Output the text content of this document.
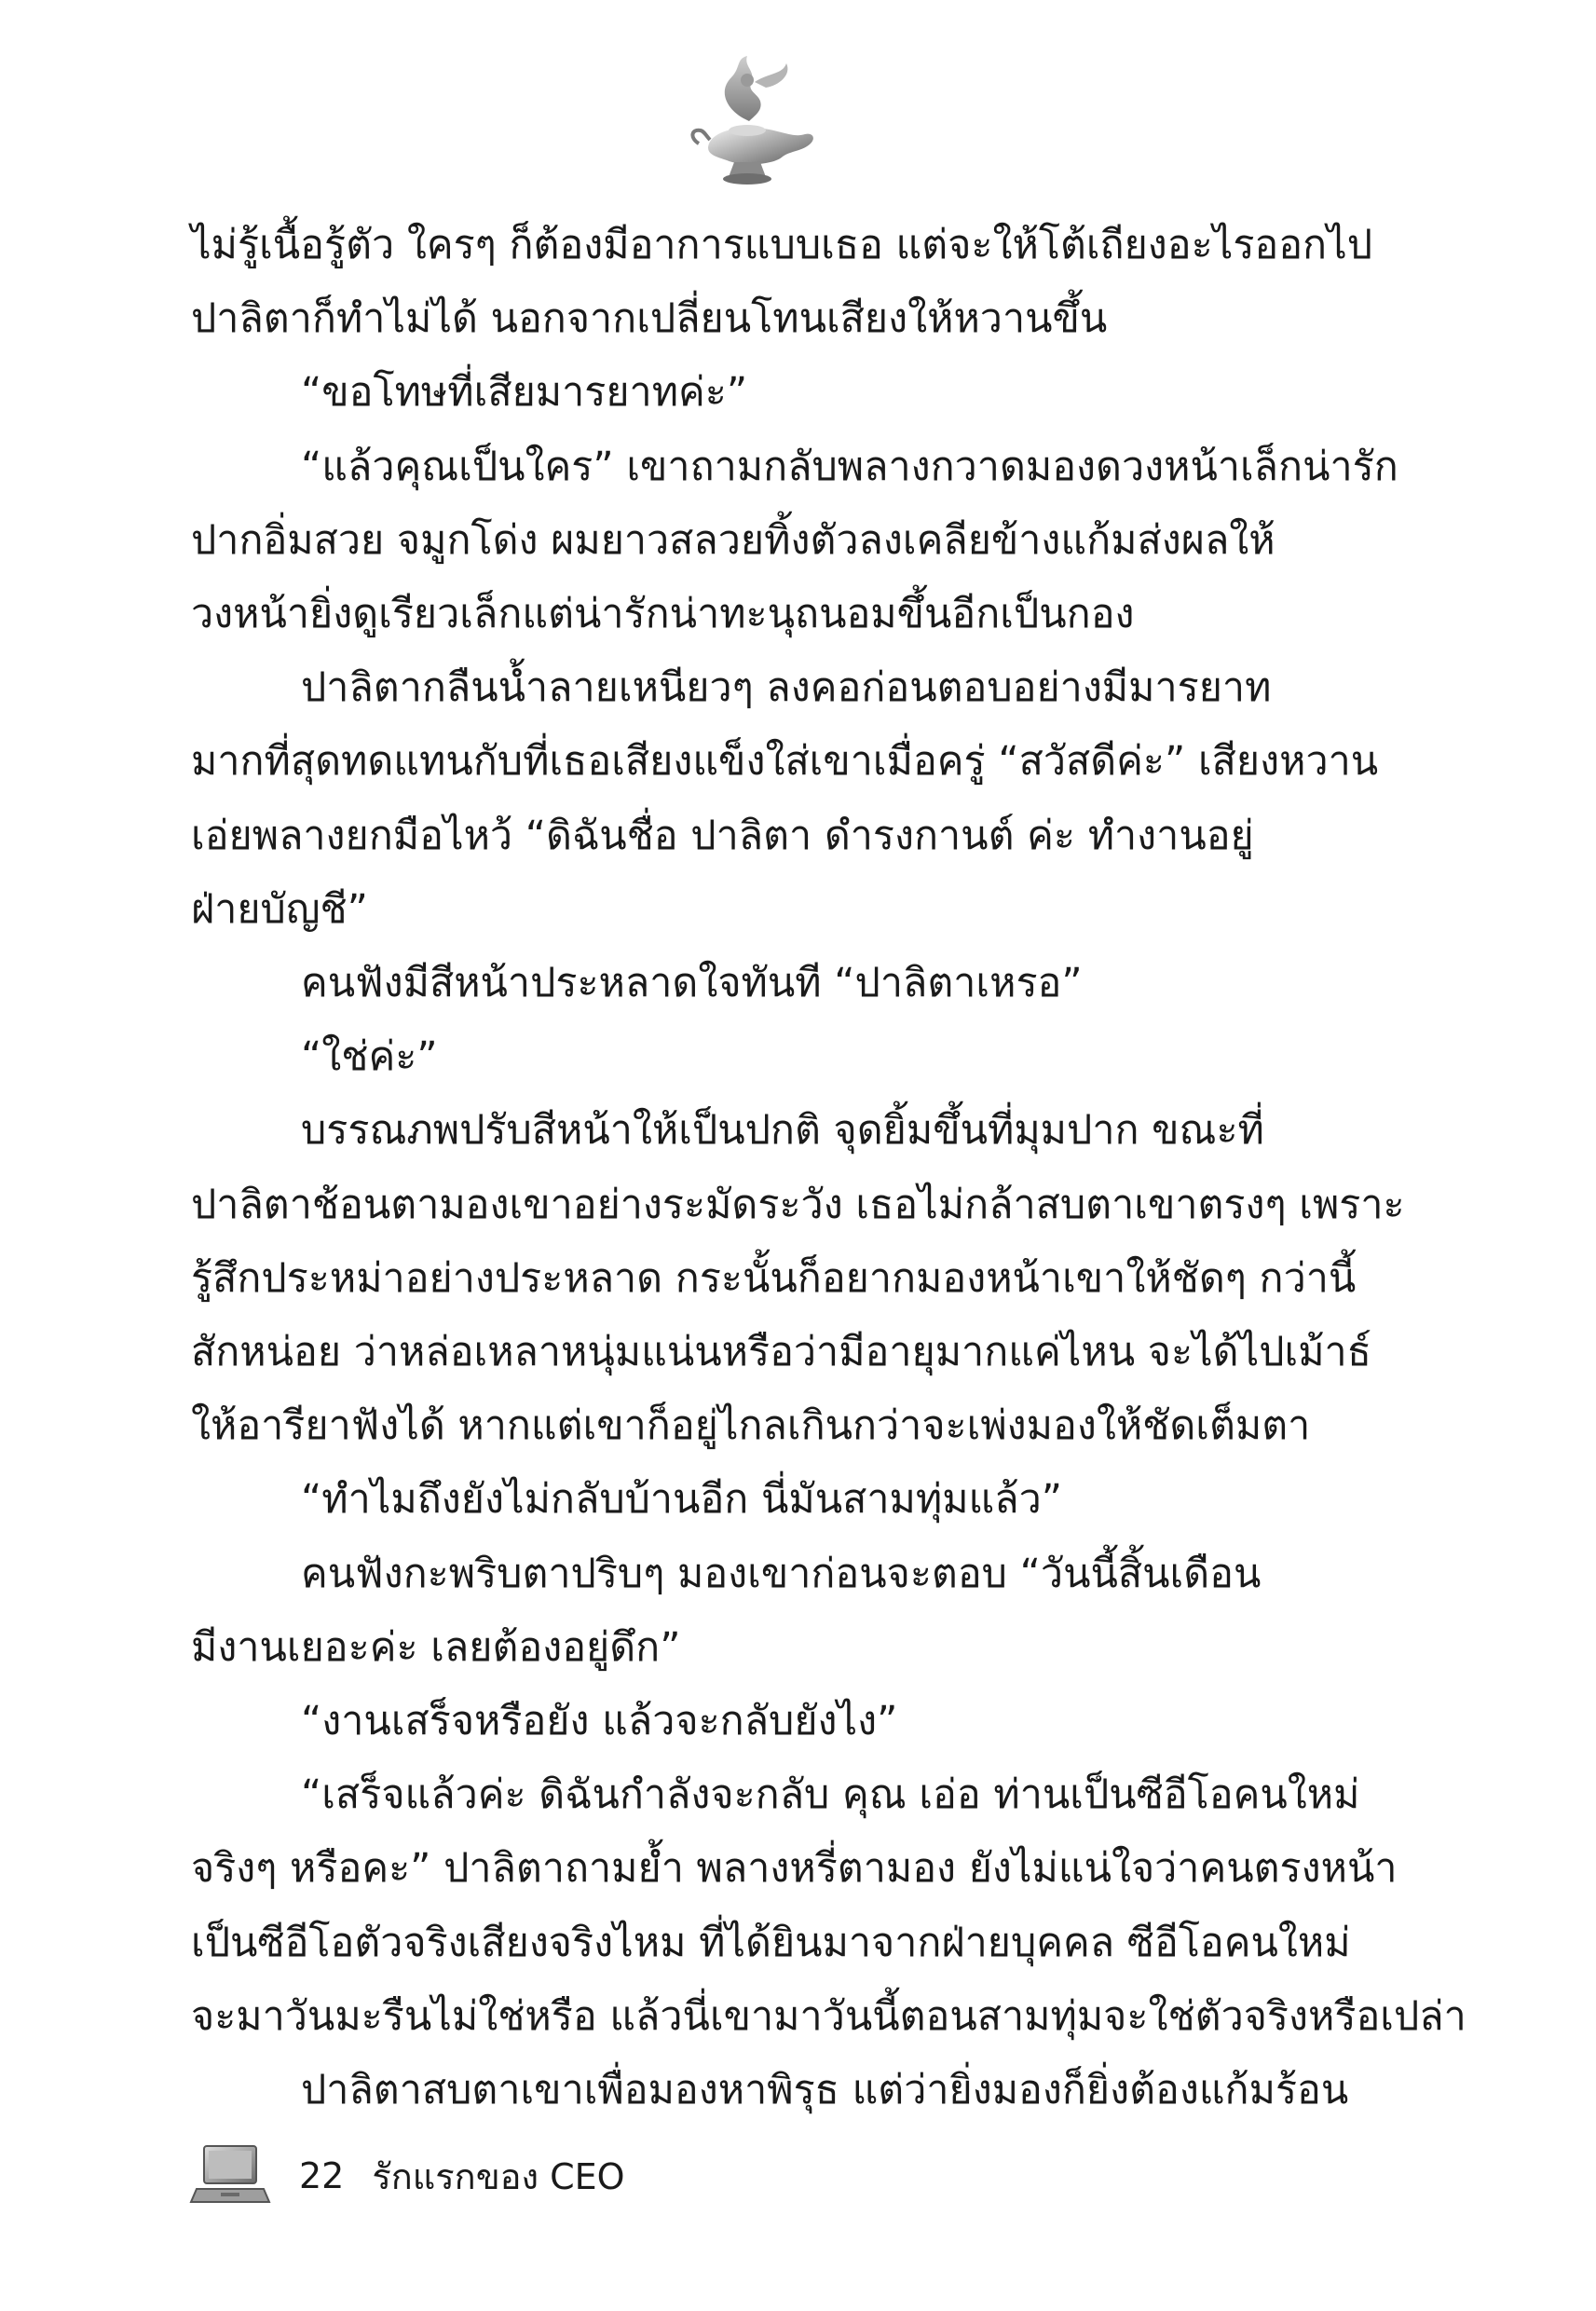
ไม่รู้เนื้อรู้ตัว ใครๆ ก็ต้องมีอาการแบบเธอ แต่จะให้โต้เถียงอะไรออกไป

ปาลิตาก็ทำไม่ได้ นอกจากเปลี่ยนโทนเสียงให้หวานขึ้น

“ขอโทษที่เสียมารยาทค่ะ”

“แล้วคุณเป็นใคร” เขาถามกลับพลางกวาดมองดวงหน้าเล็กน่ารัก

ปากอิ่มสวย จมูกโด่ง ผมยาวสลวยทิ้งตัวลงเคลียข้างแก้มส่งผลให้

วงหน้ายิ่งดูเรียวเล็กแต่น่ารักน่าทะนุถนอมขึ้นอีกเป็นกอง

ปาลิตากลืนน้ำลายเหนียวๆ ลงคอก่อนตอบอย่างมีมารยาท

มากที่สุดทดแทนกับที่เธอเสียงแข็งใส่เขาเมื่อครู่ “สวัสดีค่ะ” เสียงหวาน

เอ่ยพลางยกมือไหว้ “ดิฉันชื่อ ปาลิตา ดำรงกานต์ ค่ะ ทำงานอยู่

ฝ่ายบัญชี”

คนฟังมีสีหน้าประหลาดใจทันที “ปาลิตาเหรอ”

“ใช่ค่ะ”

บรรณภพปรับสีหน้าให้เป็นปกติ จุดยิ้มขึ้นที่มุมปาก ขณะที่

ปาลิตาช้อนตามองเขาอย่างระมัดระวัง เธอไม่กล้าสบตาเขาตรงๆ เพราะ

รู้สึกประหม่าอย่างประหลาด กระนั้นก็อยากมองหน้าเขาให้ชัดๆ กว่านี้

สักหน่อย ว่าหล่อเหลาหนุ่มแน่นหรือว่ามีอายุมากแค่ไหน จะได้ไปเม้าธ์

ให้อารียาฟังได้ หากแต่เขาก็อยู่ไกลเกินกว่าจะเพ่งมองให้ชัดเต็มตา

“ทำไมถึงยังไม่กลับบ้านอีก นี่มันสามทุ่มแล้ว”

คนฟังกะพริบตาปริบๆ มองเขาก่อนจะตอบ “วันนี้สิ้นเดือน

มีงานเยอะค่ะ เลยต้องอยู่ดึก”

“งานเสร็จหรือยัง แล้วจะกลับยังไง”

“เสร็จแล้วค่ะ ดิฉันกำลังจะกลับ คุณ เอ่อ ท่านเป็นซีอีโอคนใหม่

จริงๆ หรือคะ” ปาลิตาถามย้ำ พลางหรี่ตามอง ยังไม่แน่ใจว่าคนตรงหน้า

เป็นซีอีโอตัวจริงเสียงจริงไหม ที่ได้ยินมาจากฝ่ายบุคคล ซีอีโอคนใหม่

จะมาวันมะรืนไม่ใช่หรือ แล้วนี่เขามาวันนี้ตอนสามทุ่มจะใช่ตัวจริงหรือเปล่า

ปาลิตาสบตาเขาเพื่อมองหาพิรุธ แต่ว่ายิ่งมองก็ยิ่งต้องแก้มร้อน

22 รักแรกของ CEO
